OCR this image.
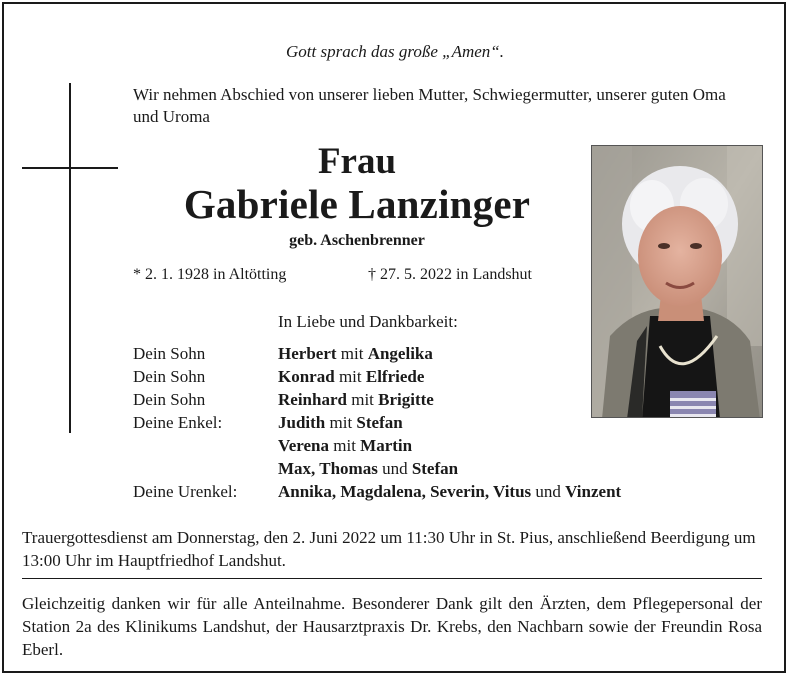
Gott sprach das große „Amen“.
Wir nehmen Abschied von unserer lieben Mutter, Schwiegermutter, unserer guten Oma und Uroma
Frau
Gabriele Lanzinger
geb. Aschenbrenner
* 2. 1. 1928 in Altötting	† 27. 5. 2022 in Landshut
In Liebe und Dankbarkeit:
Dein Sohn	Herbert mit Angelika
Dein Sohn	Konrad mit Elfriede
Dein Sohn	Reinhard mit Brigitte
Deine Enkel:	Judith mit Stefan
Verena mit Martin
Max, Thomas und Stefan
Deine Urenkel:	Annika, Magdalena, Severin, Vitus und Vinzent
Trauergottesdienst am Donnerstag, den 2. Juni 2022 um 11:30 Uhr in St. Pius, anschließend Beerdigung um 13:00 Uhr im Hauptfriedhof Landshut.
Gleichzeitig danken wir für alle Anteilnahme. Besonderer Dank gilt den Ärzten, dem Pflegepersonal der Station 2a des Klinikums Landshut, der Hausarztpraxis Dr. Krebs, den Nachbarn sowie der Freundin Rosa Eberl.
